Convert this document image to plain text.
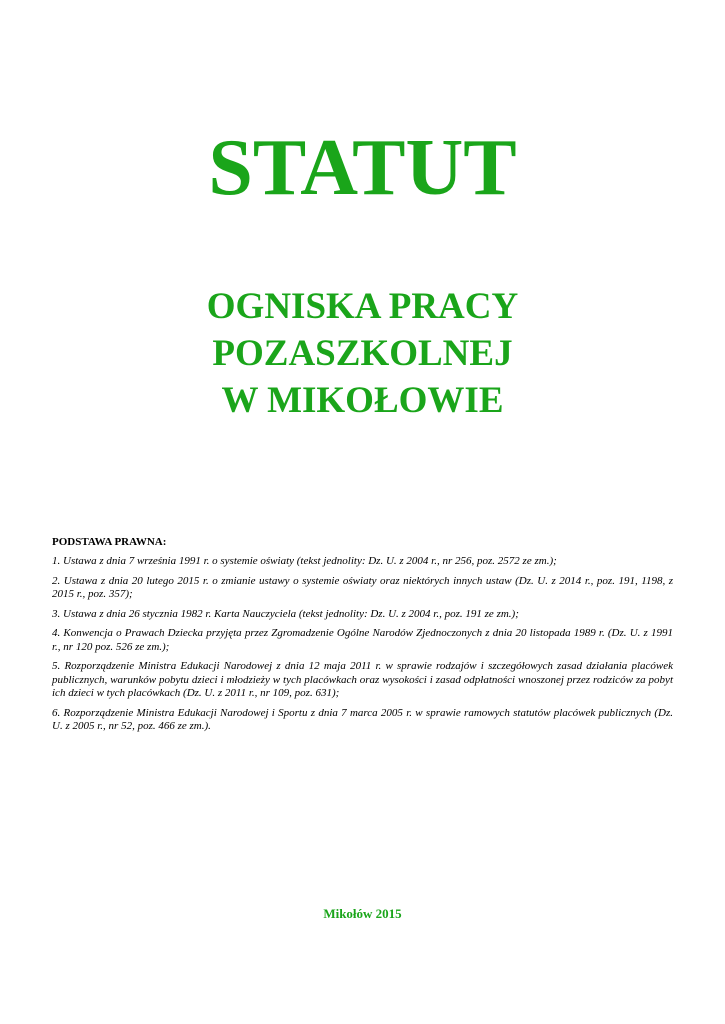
STATUT
OGNISKA PRACY
POZASZKOLNEJ
W MIKOŁOWIE

PODSTAWA PRAWNA:

1. Ustawa z dnia 7 września 1991 r. o systemie oświaty (tekst jednolity: Dz. U. z 2004 r., nr 256, poz. 2572 ze zm.);

2. Ustawa z dnia 20 lutego 2015 r. o zmianie ustawy o systemie oświaty oraz niektórych innych ustaw (Dz. U. z 2014 r., poz. 191, 1198, z 2015 r., poz. 357);

3. Ustawa z dnia 26 stycznia 1982 r. Karta Nauczyciela (tekst jednolity: Dz. U. z 2004 r., poz. 191 ze zm.);

4. Konwencja o Prawach Dziecka przyjęta przez Zgromadzenie Ogólne Narodów Zjednoczonych z dnia 20 listopada 1989 r. (Dz. U. z 1991 r., nr 120 poz. 526 ze zm.);

5. Rozporządzenie Ministra Edukacji Narodowej z dnia 12 maja 2011 r. w sprawie rodzajów i szczegółowych zasad działania placówek publicznych, warunków pobytu dzieci i młodzieży w tych placówkach oraz wysokości i zasad odpłatności wnoszonej przez rodziców za pobyt ich dzieci w tych placówkach (Dz. U. z 2011 r., nr 109, poz. 631);

6. Rozporządzenie Ministra Edukacji Narodowej i Sportu z dnia 7 marca 2005 r. w sprawie ramowych statutów placówek publicznych (Dz. U. z 2005 r., nr 52, poz. 466 ze zm.).

Mikołów 2015
